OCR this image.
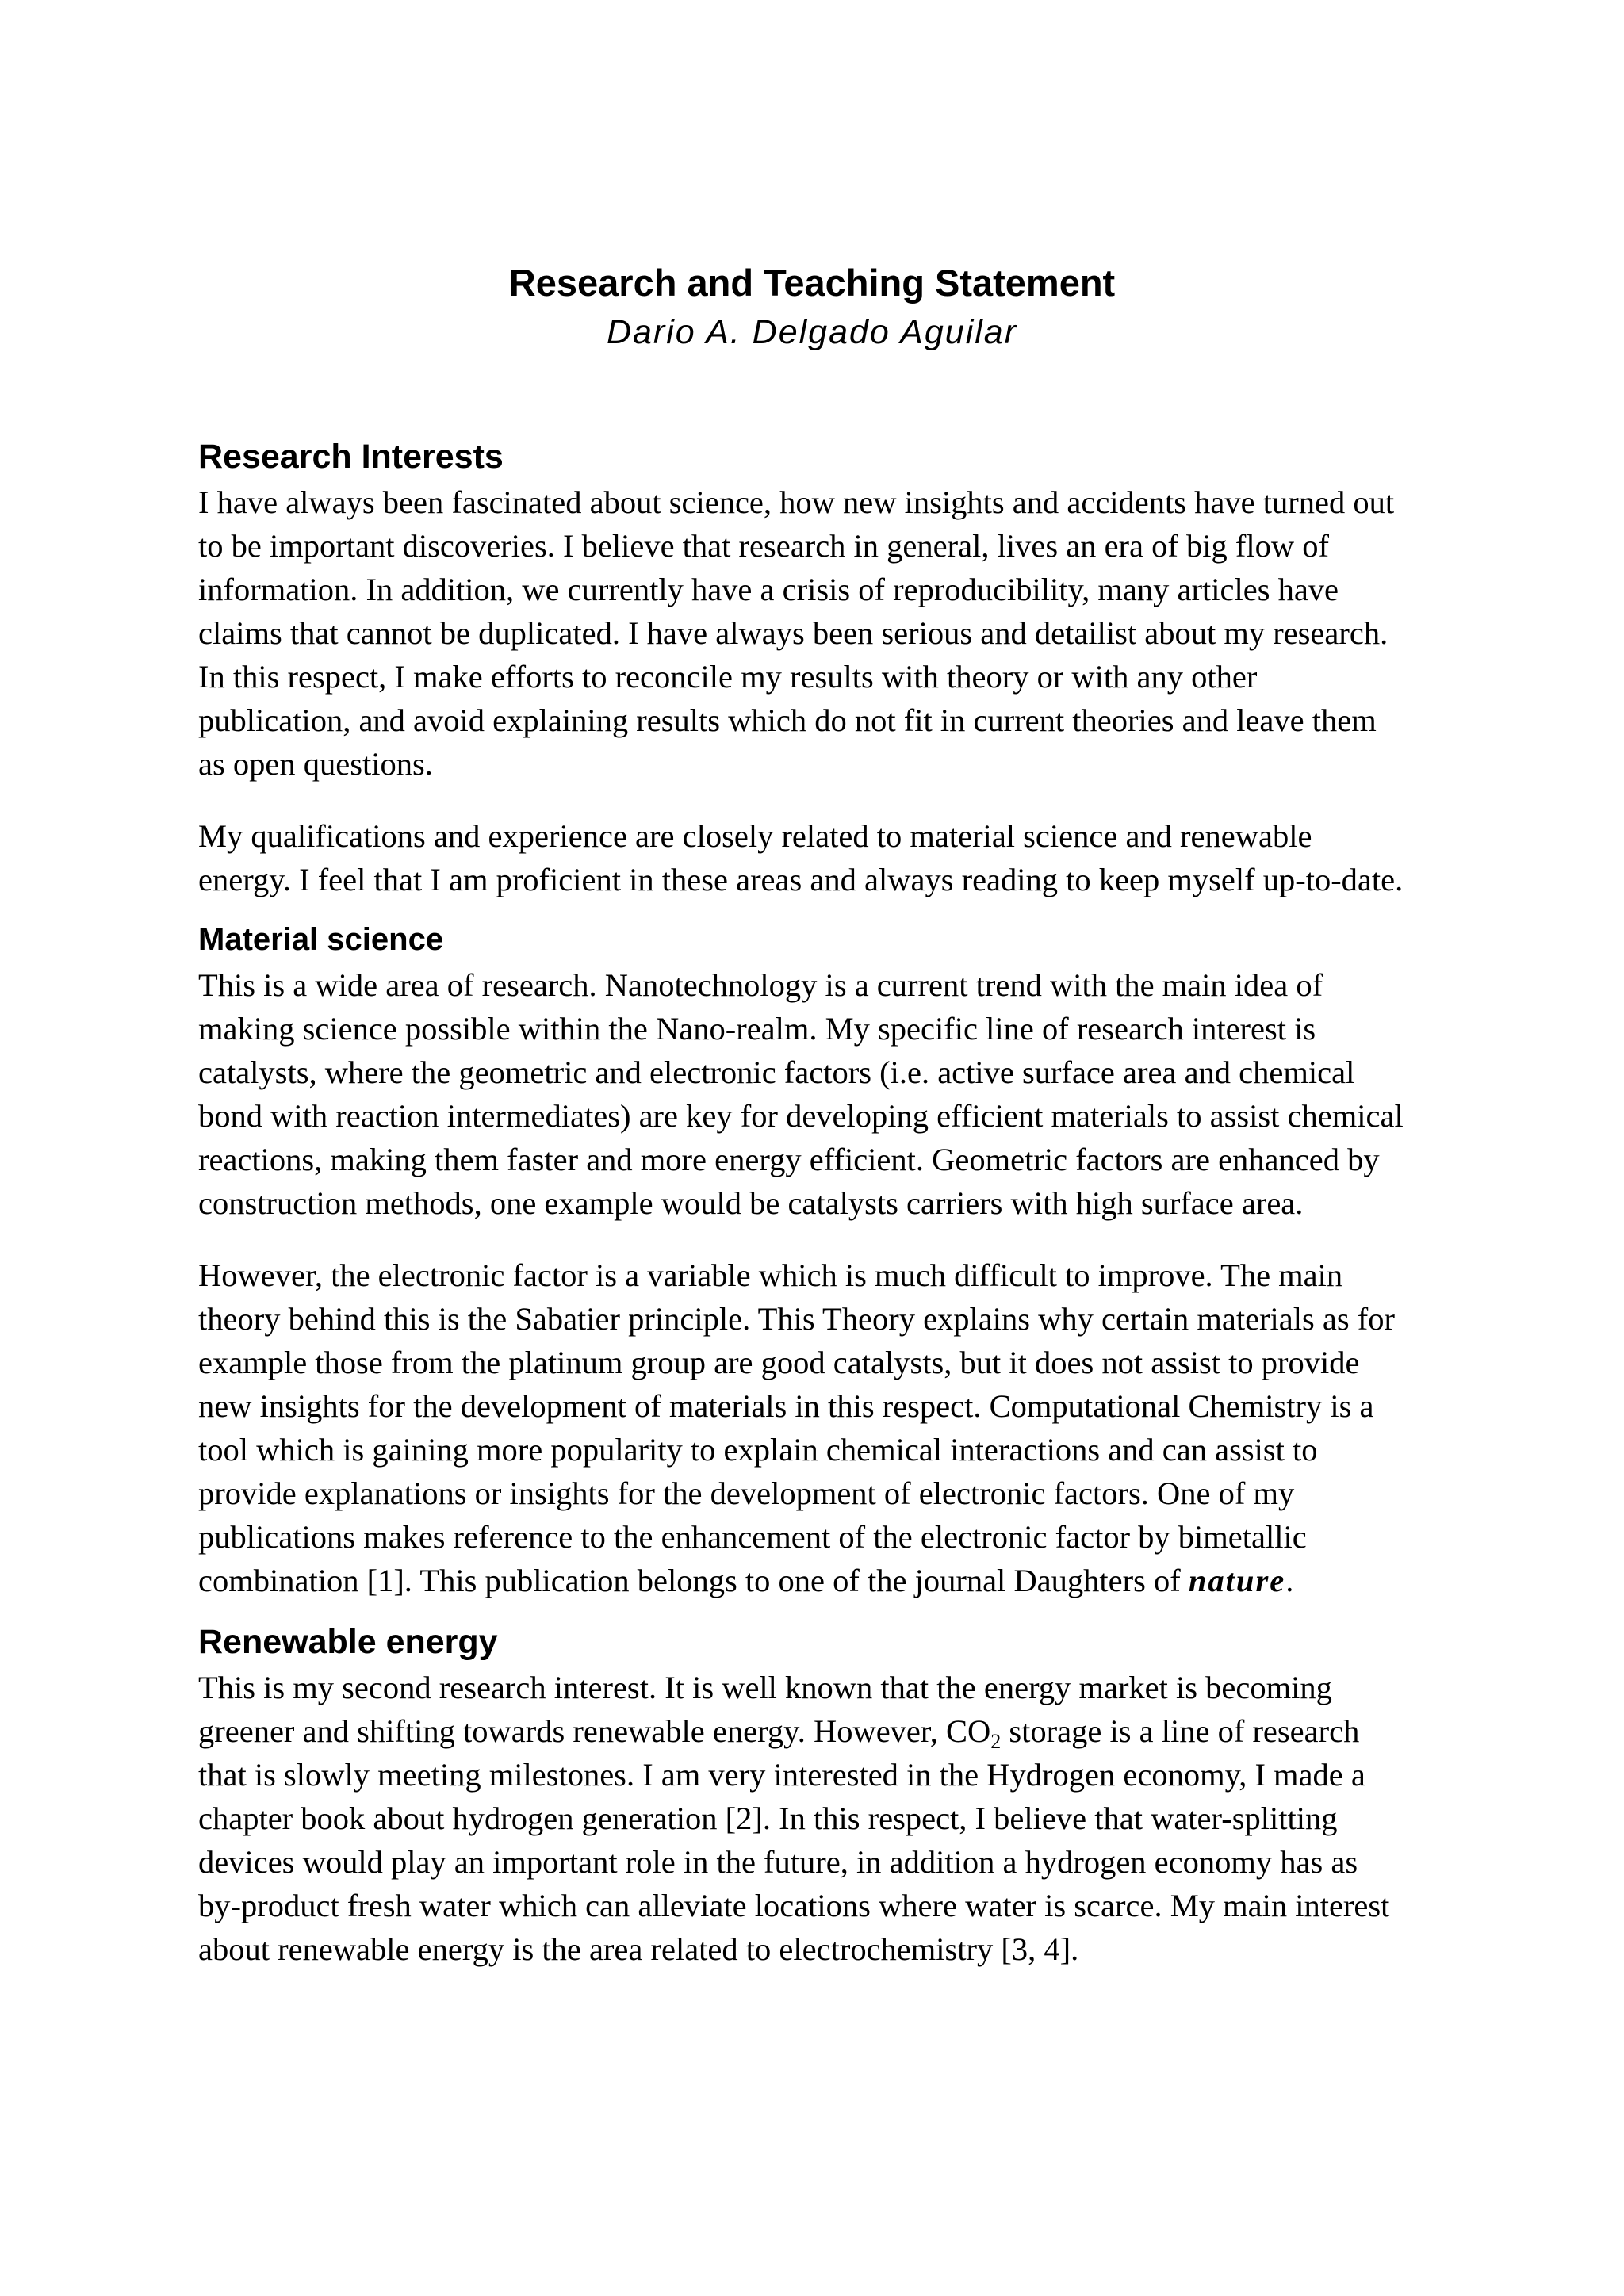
Research and Teaching Statement

Dario A. Delgado Aguilar

Research Interests

I have always been fascinated about science, how new insights and accidents have turned out
to be important discoveries. I believe that research in general, lives an era of big flow of
information. In addition, we currently have a crisis of reproducibility, many articles have
claims that cannot be duplicated. I have always been serious and detailist about my research.
In this respect, I make efforts to reconcile my results with theory or with any other
publication, and avoid explaining results which do not fit in current theories and leave them
as open questions.

My qualifications and experience are closely related to material science and renewable
energy. I feel that I am proficient in these areas and always reading to keep myself up-to-date.

Material science

This is a wide area of research. Nanotechnology is a current trend with the main idea of
making science possible within the Nano-realm. My specific line of research interest is
catalysts, where the geometric and electronic factors (i.e. active surface area and chemical
bond with reaction intermediates) are key for developing efficient materials to assist chemical
reactions, making them faster and more energy efficient. Geometric factors are enhanced by
construction methods, one example would be catalysts carriers with high surface area.

However, the electronic factor is a variable which is much difficult to improve. The main
theory behind this is the Sabatier principle. This Theory explains why certain materials as for
example those from the platinum group are good catalysts, but it does not assist to provide
new insights for the development of materials in this respect. Computational Chemistry is a
tool which is gaining more popularity to explain chemical interactions and can assist to
provide explanations or insights for the development of electronic factors. One of my
publications makes reference to the enhancement of the electronic factor by bimetallic
combination [1]. This publication belongs to one of the journal Daughters of nature.

Renewable energy

This is my second research interest. It is well known that the energy market is becoming
greener and shifting towards renewable energy. However, $CO_2$ storage is a line of research
that is slowly meeting milestones. I am very interested in the Hydrogen economy, I made a
chapter book about hydrogen generation [2]. In this respect, I believe that water-splitting
devices would play an important role in the future, in addition a hydrogen economy has as
by-product fresh water which can alleviate locations where water is scarce. My main interest
about renewable energy is the area related to electrochemistry [3, 4].
